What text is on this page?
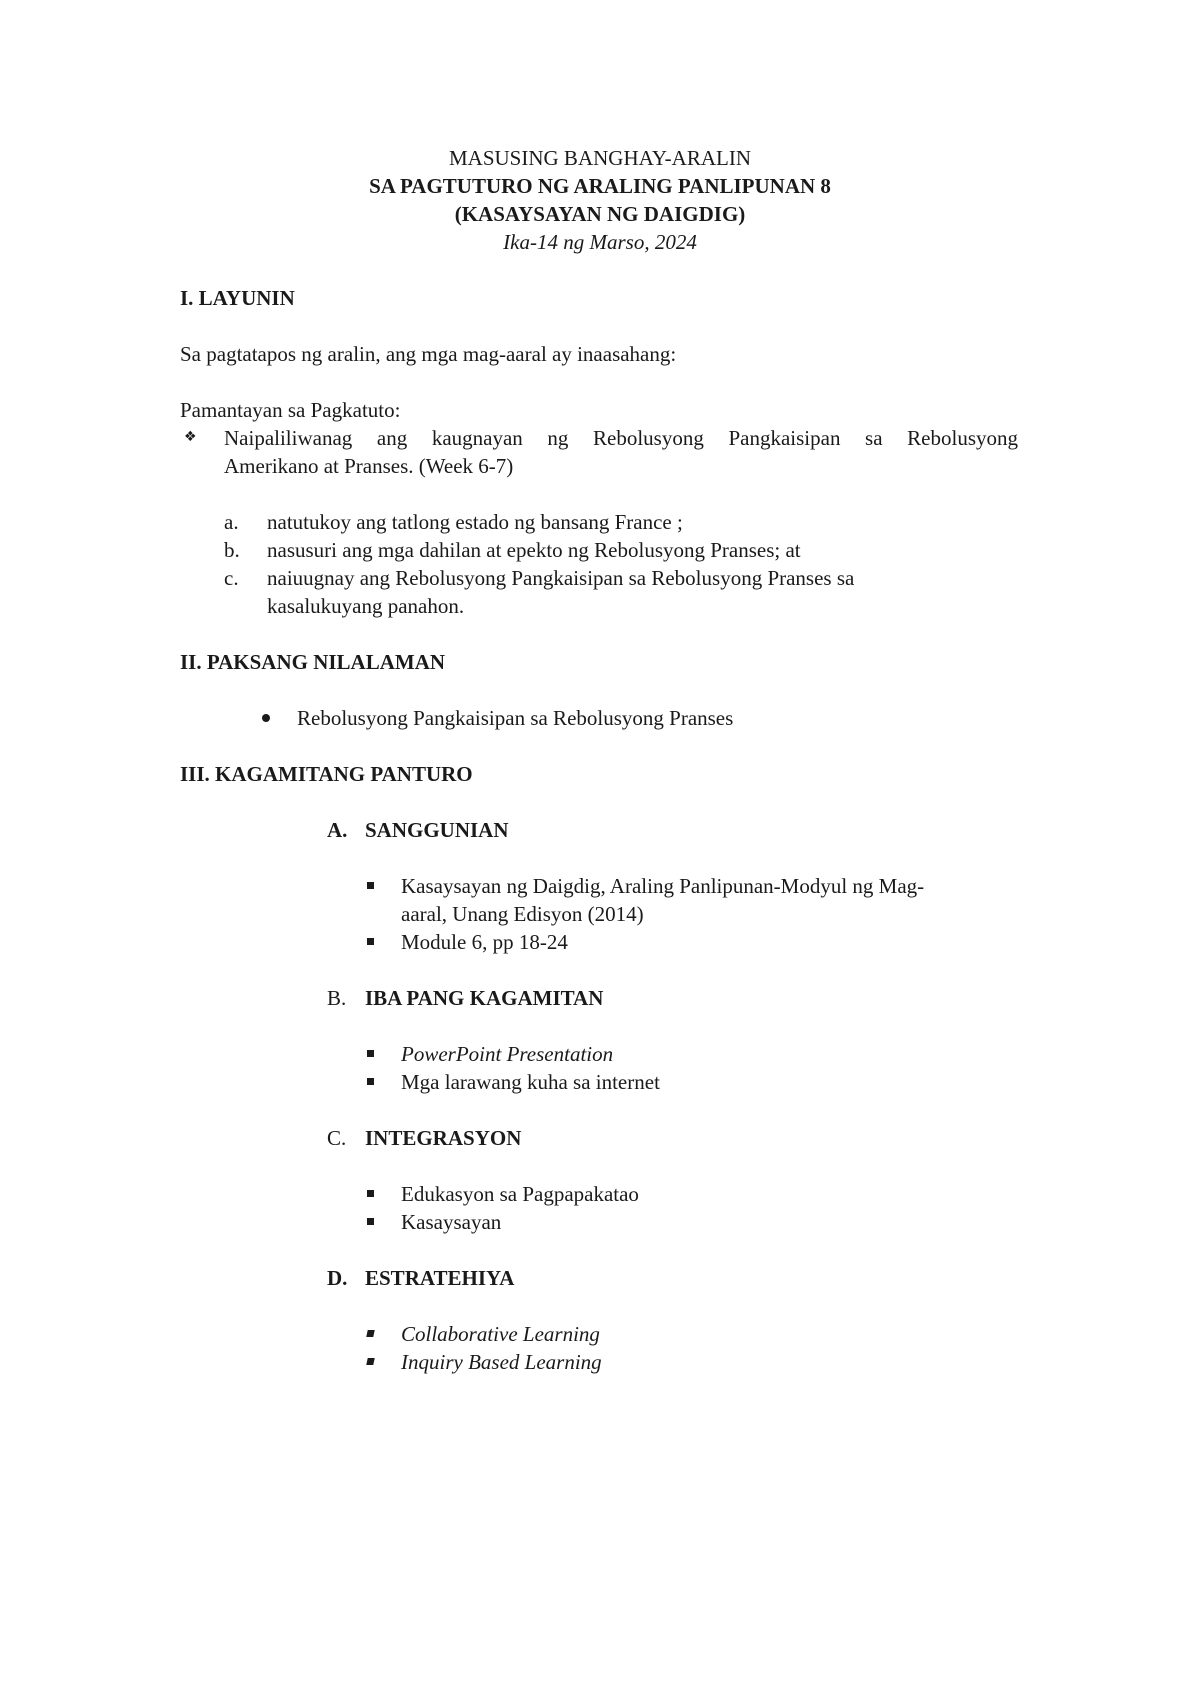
MASUSING BANGHAY-ARALIN
SA PAGTUTURO NG ARALING PANLIPUNAN 8
(KASAYSAYAN NG DAIGDIG)
Ika-14 ng Marso, 2024
I. LAYUNIN
Sa pagtatapos ng aralin, ang mga mag-aaral ay inaasahang:
Pamantayan sa Pagkatuto:
❖ Naipaliliwanag ang kaugnayan ng Rebolusyong Pangkaisipan sa Rebolusyong
Amerikano at Pranses. (Week 6-7)
a. natutukoy ang tatlong estado ng bansang France ;
b. nasusuri ang mga dahilan at epekto ng Rebolusyong Pranses; at
c. naiuugnay ang Rebolusyong Pangkaisipan sa Rebolusyong Pranses sa
kasalukuyang panahon.
II. PAKSANG NILALAMAN
Rebolusyong Pangkaisipan sa Rebolusyong Pranses
III. KAGAMITANG PANTURO
A. SANGGUNIAN
Kasaysayan ng Daigdig, Araling Panlipunan-Modyul ng Mag-
aaral, Unang Edisyon (2014)
Module 6, pp 18-24
B. IBA PANG KAGAMITAN
PowerPoint Presentation
Mga larawang kuha sa internet
C. INTEGRASYON
Edukasyon sa Pagpapakatao
Kasaysayan
D. ESTRATEHIYA
Collaborative Learning
Inquiry Based Learning
